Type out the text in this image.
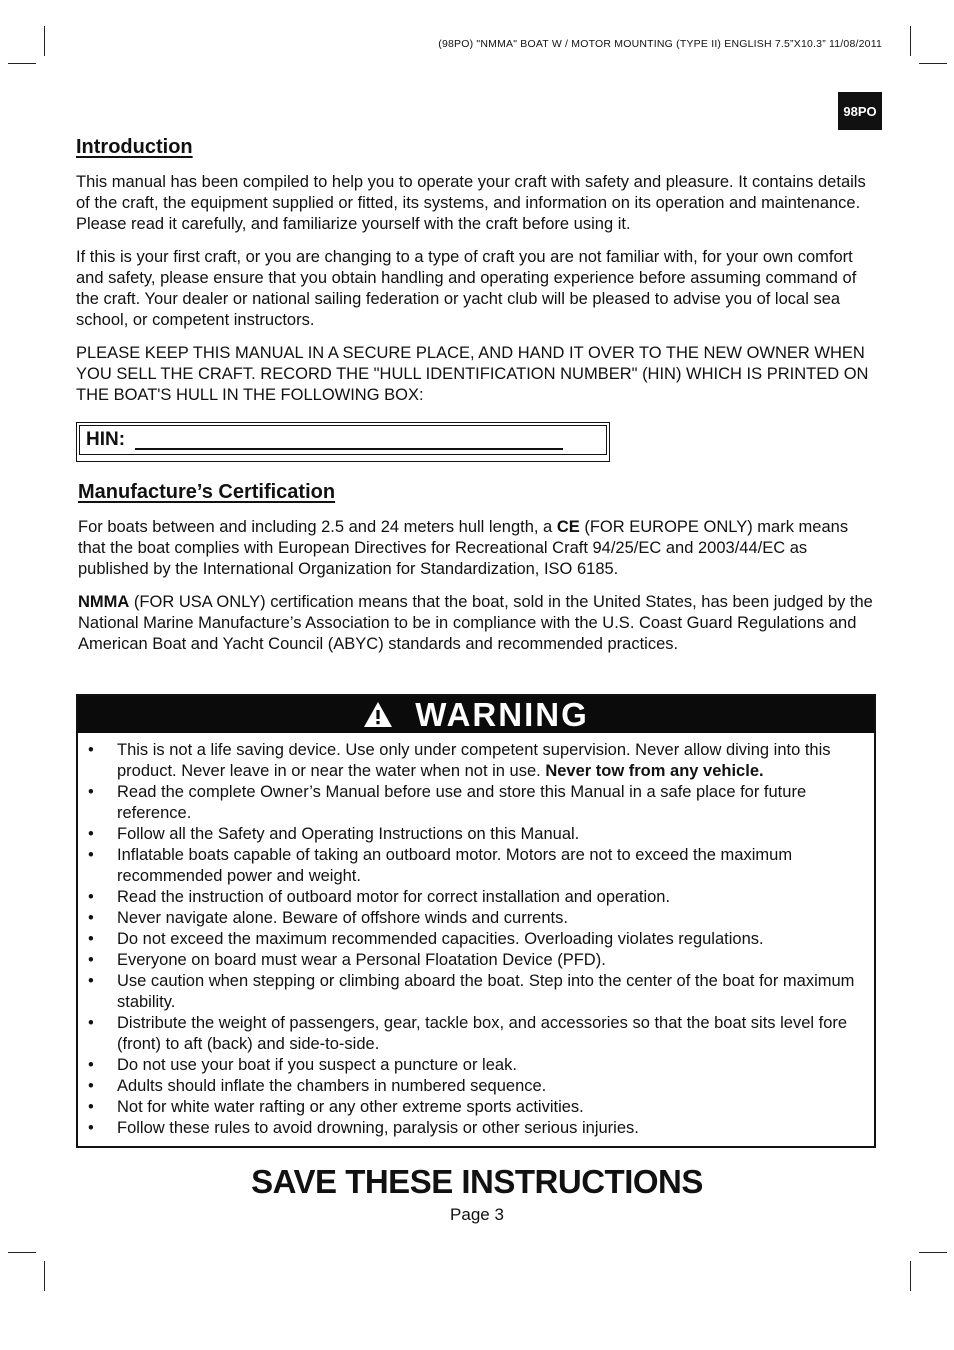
(98PO) "NMMA" BOAT W / MOTOR MOUNTING (TYPE II) ENGLISH 7.5”X10.3” 11/08/2011
98PO
Introduction

This manual has been compiled to help you to operate your craft with safety and pleasure. It contains details of the craft, the equipment supplied or fitted, its systems, and information on its operation and maintenance. Please read it carefully, and familiarize yourself with the craft before using it.

If this is your first craft, or you are changing to a type of craft you are not familiar with, for your own comfort and safety, please ensure that you obtain handling and operating experience before assuming command of the craft. Your dealer or national sailing federation or yacht club will be pleased to advise you of local sea school, or competent instructors.

PLEASE KEEP THIS MANUAL IN A SECURE PLACE, AND HAND IT OVER TO THE NEW OWNER WHEN YOU SELL THE CRAFT. RECORD THE "HULL IDENTIFICATION NUMBER" (HIN) WHICH IS PRINTED ON THE BOAT'S HULL IN THE FOLLOWING BOX:

HIN:
Manufacture’s Certification

For boats between and including 2.5 and 24 meters hull length, a CE (FOR EUROPE ONLY) mark means that the boat complies with European Directives for Recreational Craft 94/25/EC and 2003/44/EC as published by the International Organization for Standardization, ISO 6185.

NMMA (FOR USA ONLY) certification means that the boat, sold in the United States, has been judged by the National Marine Manufacture’s Association to be in compliance with the U.S. Coast Guard Regulations and American Boat and Yacht Council (ABYC) standards and recommended practices.

WARNING
• This is not a life saving device. Use only under competent supervision. Never allow diving into this product. Never leave in or near the water when not in use. Never tow from any vehicle.
• Read the complete Owner’s Manual before use and store this Manual in a safe place for future reference.
• Follow all the Safety and Operating Instructions on this Manual.
• Inflatable boats capable of taking an outboard motor. Motors are not to exceed the maximum recommended power and weight.
• Read the instruction of outboard motor for correct installation and operation.
• Never navigate alone. Beware of offshore winds and currents.
• Do not exceed the maximum recommended capacities. Overloading violates regulations.
• Everyone on board must wear a Personal Floatation Device (PFD).
• Use caution when stepping or climbing aboard the boat. Step into the center of the boat for maximum stability.
• Distribute the weight of passengers, gear, tackle box, and accessories so that the boat sits level fore (front) to aft (back) and side-to-side.
• Do not use your boat if you suspect a puncture or leak.
• Adults should inflate the chambers in numbered sequence.
• Not for white water rafting or any other extreme sports activities.
• Follow these rules to avoid drowning, paralysis or other serious injuries.
SAVE THESE INSTRUCTIONS
Page 3
